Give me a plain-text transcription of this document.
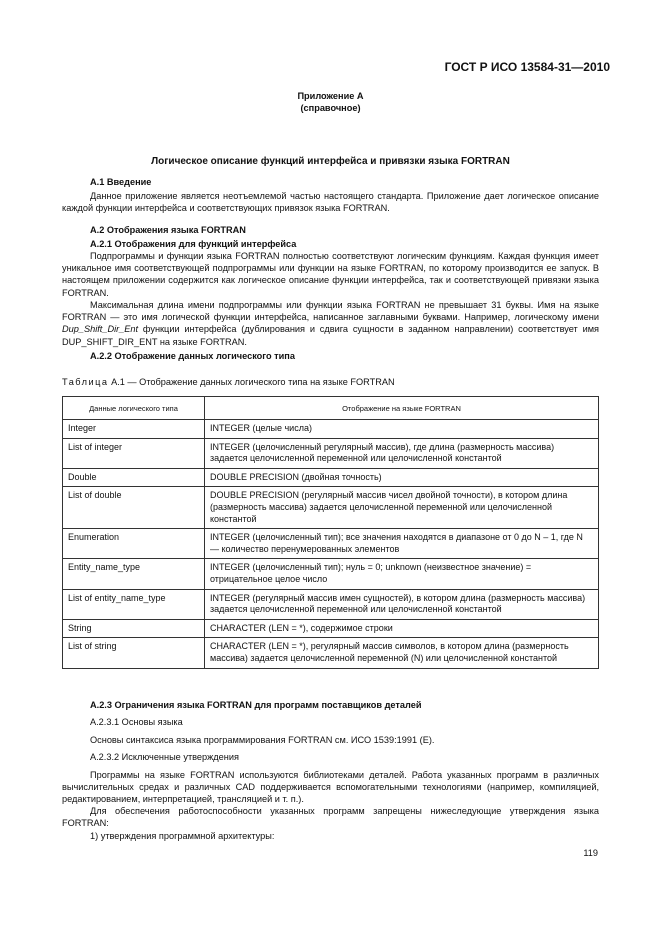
ГОСТ Р ИСО 13584-31—2010
Приложение А
(справочное)
Логическое описание функций интерфейса и привязки языка FORTRAN
А.1 Введение
Данное приложение является неотъемлемой частью настоящего стандарта. Приложение дает логическое описание каждой функции интерфейса и соответствующих привязок языка FORTRAN.
А.2 Отображения языка FORTRAN
А.2.1 Отображения для функций интерфейса
Подпрограммы и функции языка FORTRAN полностью соответствуют логическим функциям. Каждая функция имеет уникальное имя соответствующей подпрограммы или функции на языке FORTRAN, по которому производится ее запуск. В настоящем приложении содержится как логическое описание функции интерфейса, так и соответствующей привязки языка FORTRAN.
Максимальная длина имени подпрограммы или функции языка FORTRAN не превышает 31 буквы. Имя на языке FORTRAN — это имя логической функции интерфейса, написанное заглавными буквами. Например, логическому имени Dup_Shift_Dir_Ent функции интерфейса (дублирования и сдвига сущности в заданном направлении) соответствует имя DUP_SHIFT_DIR_ENT на языке FORTRAN.
А.2.2 Отображение данных логического типа
Таблица А.1 — Отображение данных логического типа на языке FORTRAN
Данные логического типа	Отображение на языке FORTRAN
Integer	INTEGER (целые числа)
List of integer	INTEGER (целочисленный регулярный массив), где длина (размерность массива) задается целочисленной переменной или целочисленной константой
Double	DOUBLE PRECISION (двойная точность)
List of double	DOUBLE PRECISION (регулярный массив чисел двойной точности), в котором длина (размерность массива) задается целочисленной переменной или целочисленной константой
Enumeration	INTEGER (целочисленный тип); все значения находятся в диапазоне от 0 до N – 1, где N — количество перенумерованных элементов
Entity_name_type	INTEGER (целочисленный тип); нуль = 0; unknown (неизвестное значение) = отрицательное целое число
List of entity_name_type	INTEGER (регулярный массив имен сущностей), в котором длина (размерность массива) задается целочисленной переменной или целочисленной константой
String	CHARACTER (LEN = *), содержимое строки
List of string	CHARACTER (LEN = *), регулярный массив символов, в котором длина (размерность массива) задается целочисленной переменной (N) или целочисленной константой
А.2.3 Ограничения языка FORTRAN для программ поставщиков деталей
А.2.3.1 Основы языка
Основы синтаксиса языка программирования FORTRAN см. ИСО 1539:1991 (Е).
А.2.3.2 Исключенные утверждения
Программы на языке FORTRAN используются библиотеками деталей. Работа указанных программ в различных вычислительных средах и различных CAD поддерживается вспомогательными технологиями (например, компиляцией, редактированием, интерпретацией, трансляцией и т. п.).
Для обеспечения работоспособности указанных программ запрещены нижеследующие утверждения языка FORTRAN:
1) утверждения программной архитектуры:
119
